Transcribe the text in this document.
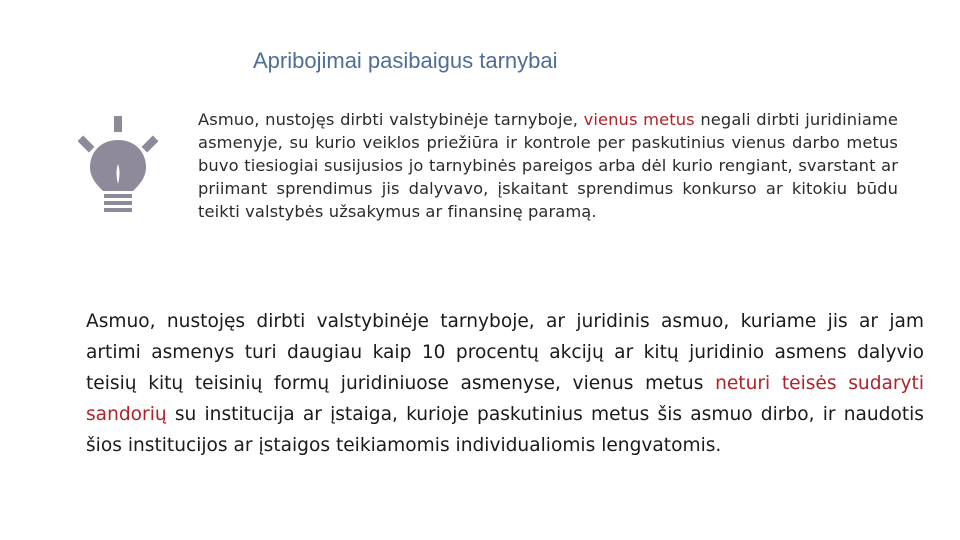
Apribojimai pasibaigus tarnybai
Asmuo, nustojęs dirbti valstybinėje tarnyboje, vienus metus negali dirbti juridiniame asmenyje, su kurio veiklos priežiūra ir kontrole per paskutinius vienus darbo metus buvo tiesiogiai susijusios jo tarnybinės pareigos arba dėl kurio rengiant, svarstant ar priimant sprendimus jis dalyvavo, įskaitant sprendimus konkurso ar kitokiu būdu teikti valstybės užsakymus ar finansinę paramą.
Asmuo, nustojęs dirbti valstybinėje tarnyboje, ar juridinis asmuo, kuriame jis ar jam artimi asmenys turi daugiau kaip 10 procentų akcijų ar kitų juridinio asmens dalyvio teisių kitų teisinių formų juridiniuose asmenyse, vienus metus neturi teisės sudaryti sandorių su institucija ar įstaiga, kurioje paskutinius metus šis asmuo dirbo, ir naudotis šios institucijos ar įstaigos teikiamomis individualiomis lengvatomis.
